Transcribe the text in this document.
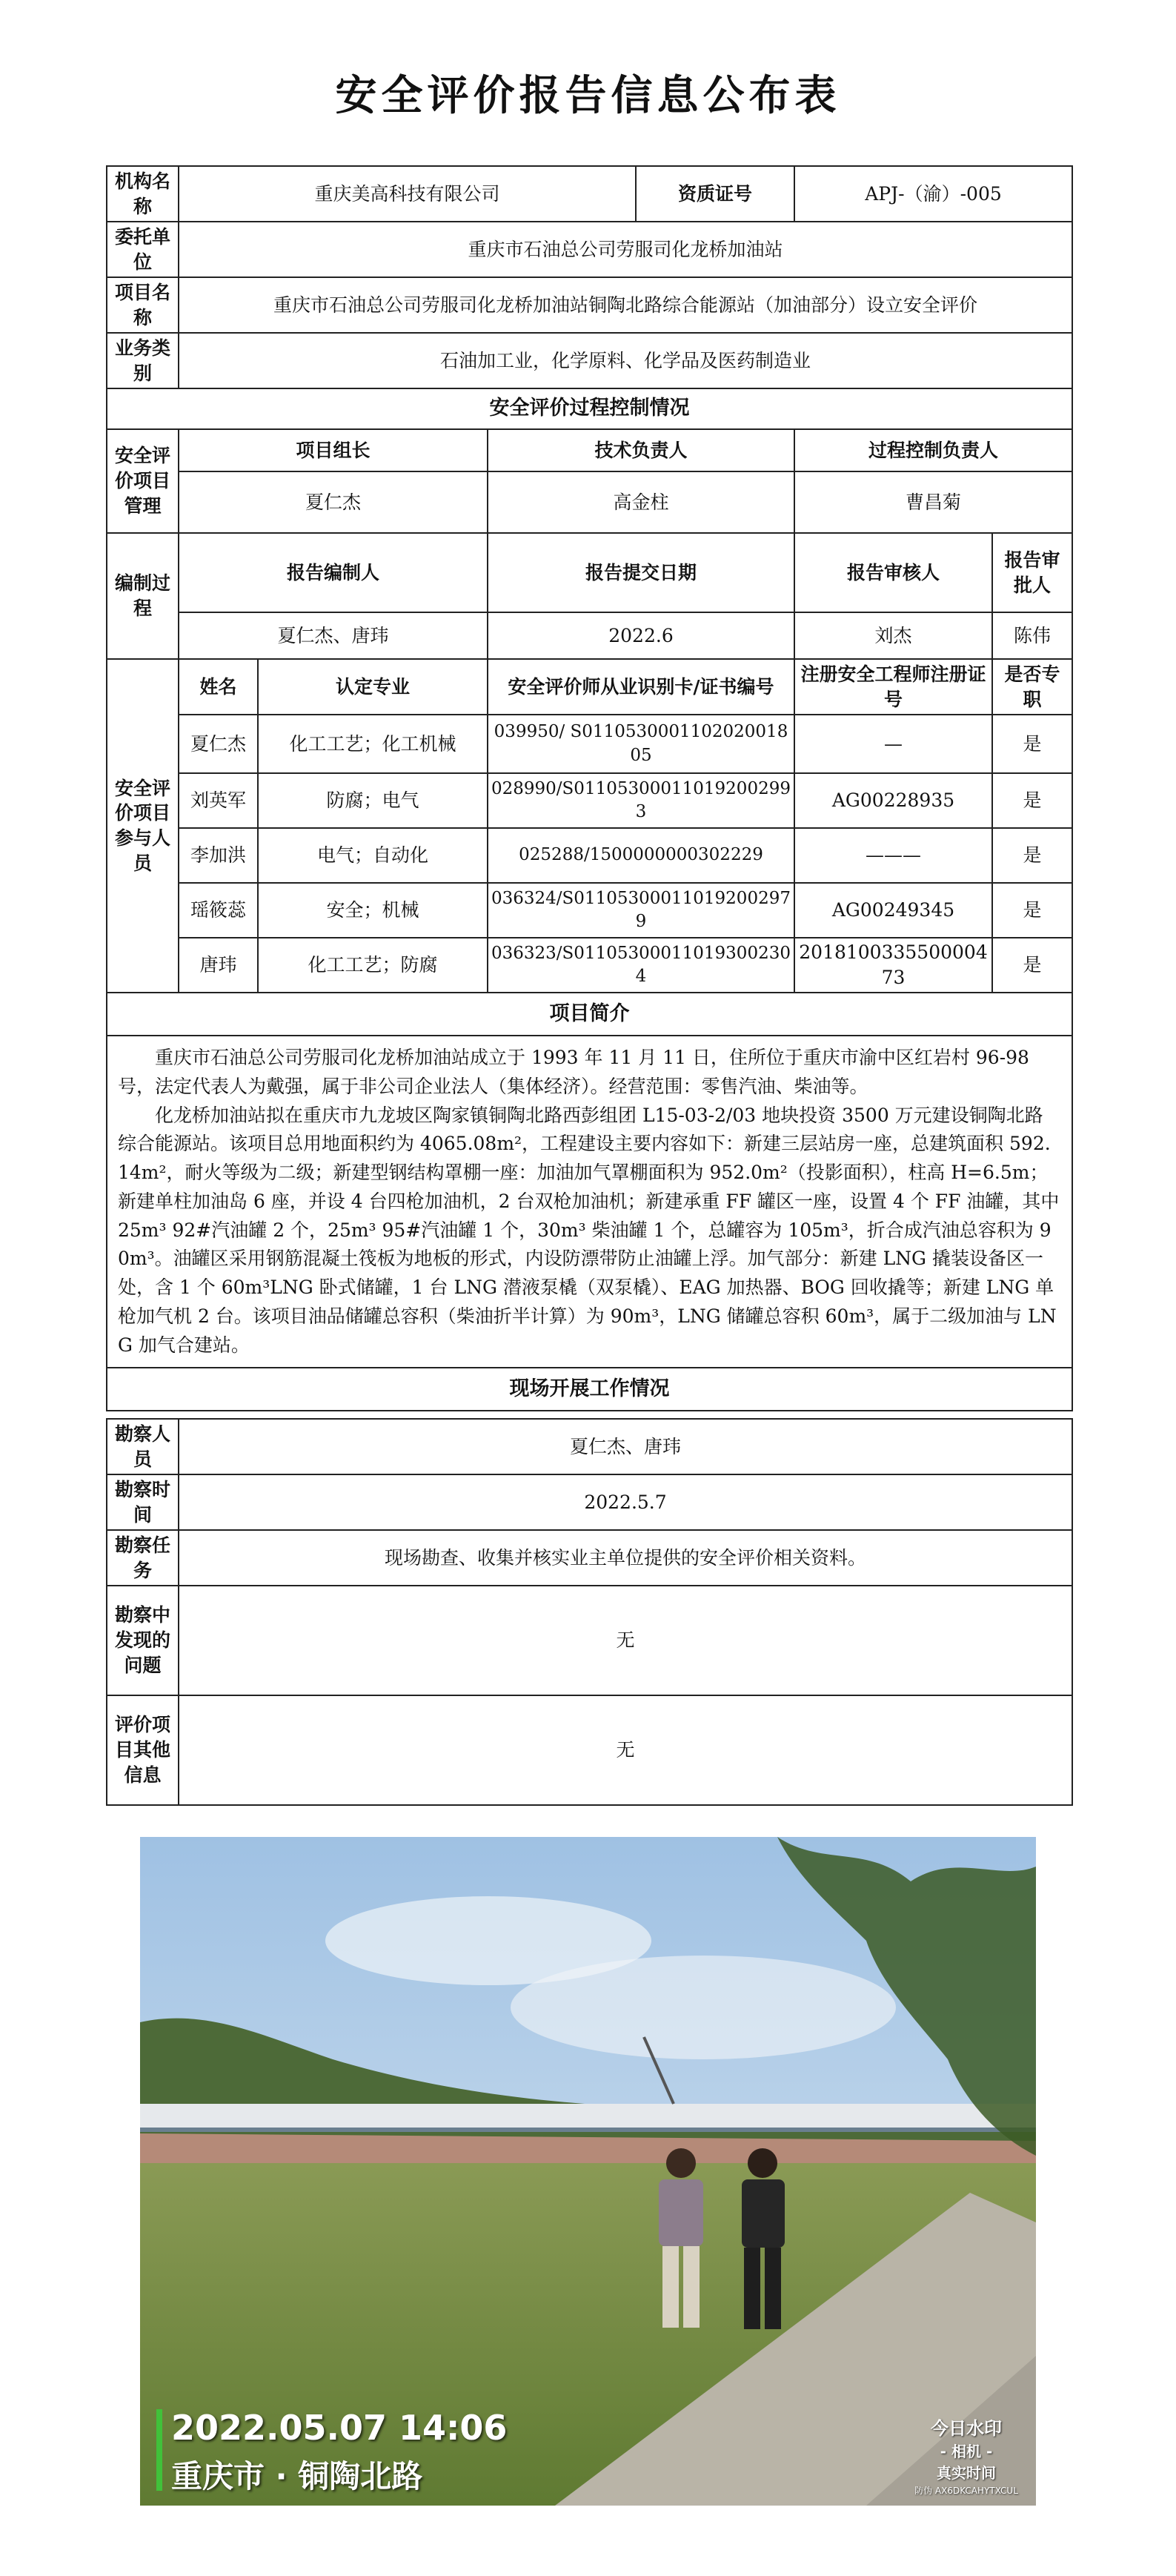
安全评价报告信息公布表
机构名称	重庆美高科技有限公司			资质证号	APJ-（渝）-005	
委托单位	重庆市石油总公司劳服司化龙桥加油站					
项目名称	重庆市石油总公司劳服司化龙桥加油站铜陶北路综合能源站（加油部分）设立安全评价					
业务类别	石油加工业，化学原料、化学品及医药制造业					
安全评价过程控制情况						
安全评价项目管理	项目组长		技术负责人		过程控制负责人	
	夏仁杰		高金柱		曹昌菊	
编制过程	报告编制人		报告提交日期		报告审核人	报告审批人
	夏仁杰、唐玮		2022.6		刘杰	陈伟
安全评价项目参与人员	姓名	认定专业	安全评价师从业识别卡/证书编号		注册安全工程师注册证号	是否专职
	夏仁杰	化工工艺；化工机械	039950/ S011053000110202001805		—	是
	刘英军	防腐；电气	028990/S011053000110192002993		AG00228935	是
	李加洪	电气；自动化	025288/1500000000302229		———	是
	瑶筱蕊	安全；机械	036324/S011053000110192002979		AG00249345	是
	唐玮	化工工艺；防腐	036323/S011053000110193002304		201810033550000473	是
项目简介						

重庆市石油总公司劳服司化龙桥加油站成立于 1993 年 11 月 11 日，住所位于重庆市渝中区红岩村 96-98 号，法定代表人为戴强，属于非公司企业法人（集体经济）。经营范围：零售汽油、柴油等。

化龙桥加油站拟在重庆市九龙坡区陶家镇铜陶北路西彭组团 L15-03-2/03 地块投资 3500 万元建设铜陶北路综合能源站。该项目总用地面积约为 4065.08m²，工程建设主要内容如下：新建三层站房一座，总建筑面积 592.14m²，耐火等级为二级；新建型钢结构罩棚一座：加油加气罩棚面积为 952.0m²（投影面积），柱高 H=6.5m；新建单柱加油岛 6 座，并设 4 台四枪加油机，2 台双枪加油机；新建承重 FF 罐区一座，设置 4 个 FF 油罐，其中 25m³ 92#汽油罐 2 个，25m³ 95#汽油罐 1 个，30m³ 柴油罐 1 个，总罐容为 105m³，折合成汽油总容积为 90m³。油罐区采用钢筋混凝土筏板为地板的形式，内设防漂带防止油罐上浮。加气部分：新建 LNG 撬装设备区一处，含 1 个 60m³LNG 卧式储罐，1 台 LNG 潜液泵橇（双泵橇）、EAG 加热器、BOG 回收撬等；新建 LNG 单枪加气机 2 台。该项目油品储罐总容积（柴油折半计算）为 90m³，LNG 储罐总容积 60m³，属于二级加油与 LNG 加气合建站。						

现场开展工作情况						
勘察人员	夏仁杰、唐玮
勘察时间	2022.5.7
勘察任务	现场勘查、收集并核实业主单位提供的安全评价相关资料。
勘察中发现的问题	无
评价项目其他信息	无
2022.05.07 14:06
重庆市 · 铜陶北路
今日水印
- 相机 -
真实时间
防伪 AX6DKCAHYTXCUL
